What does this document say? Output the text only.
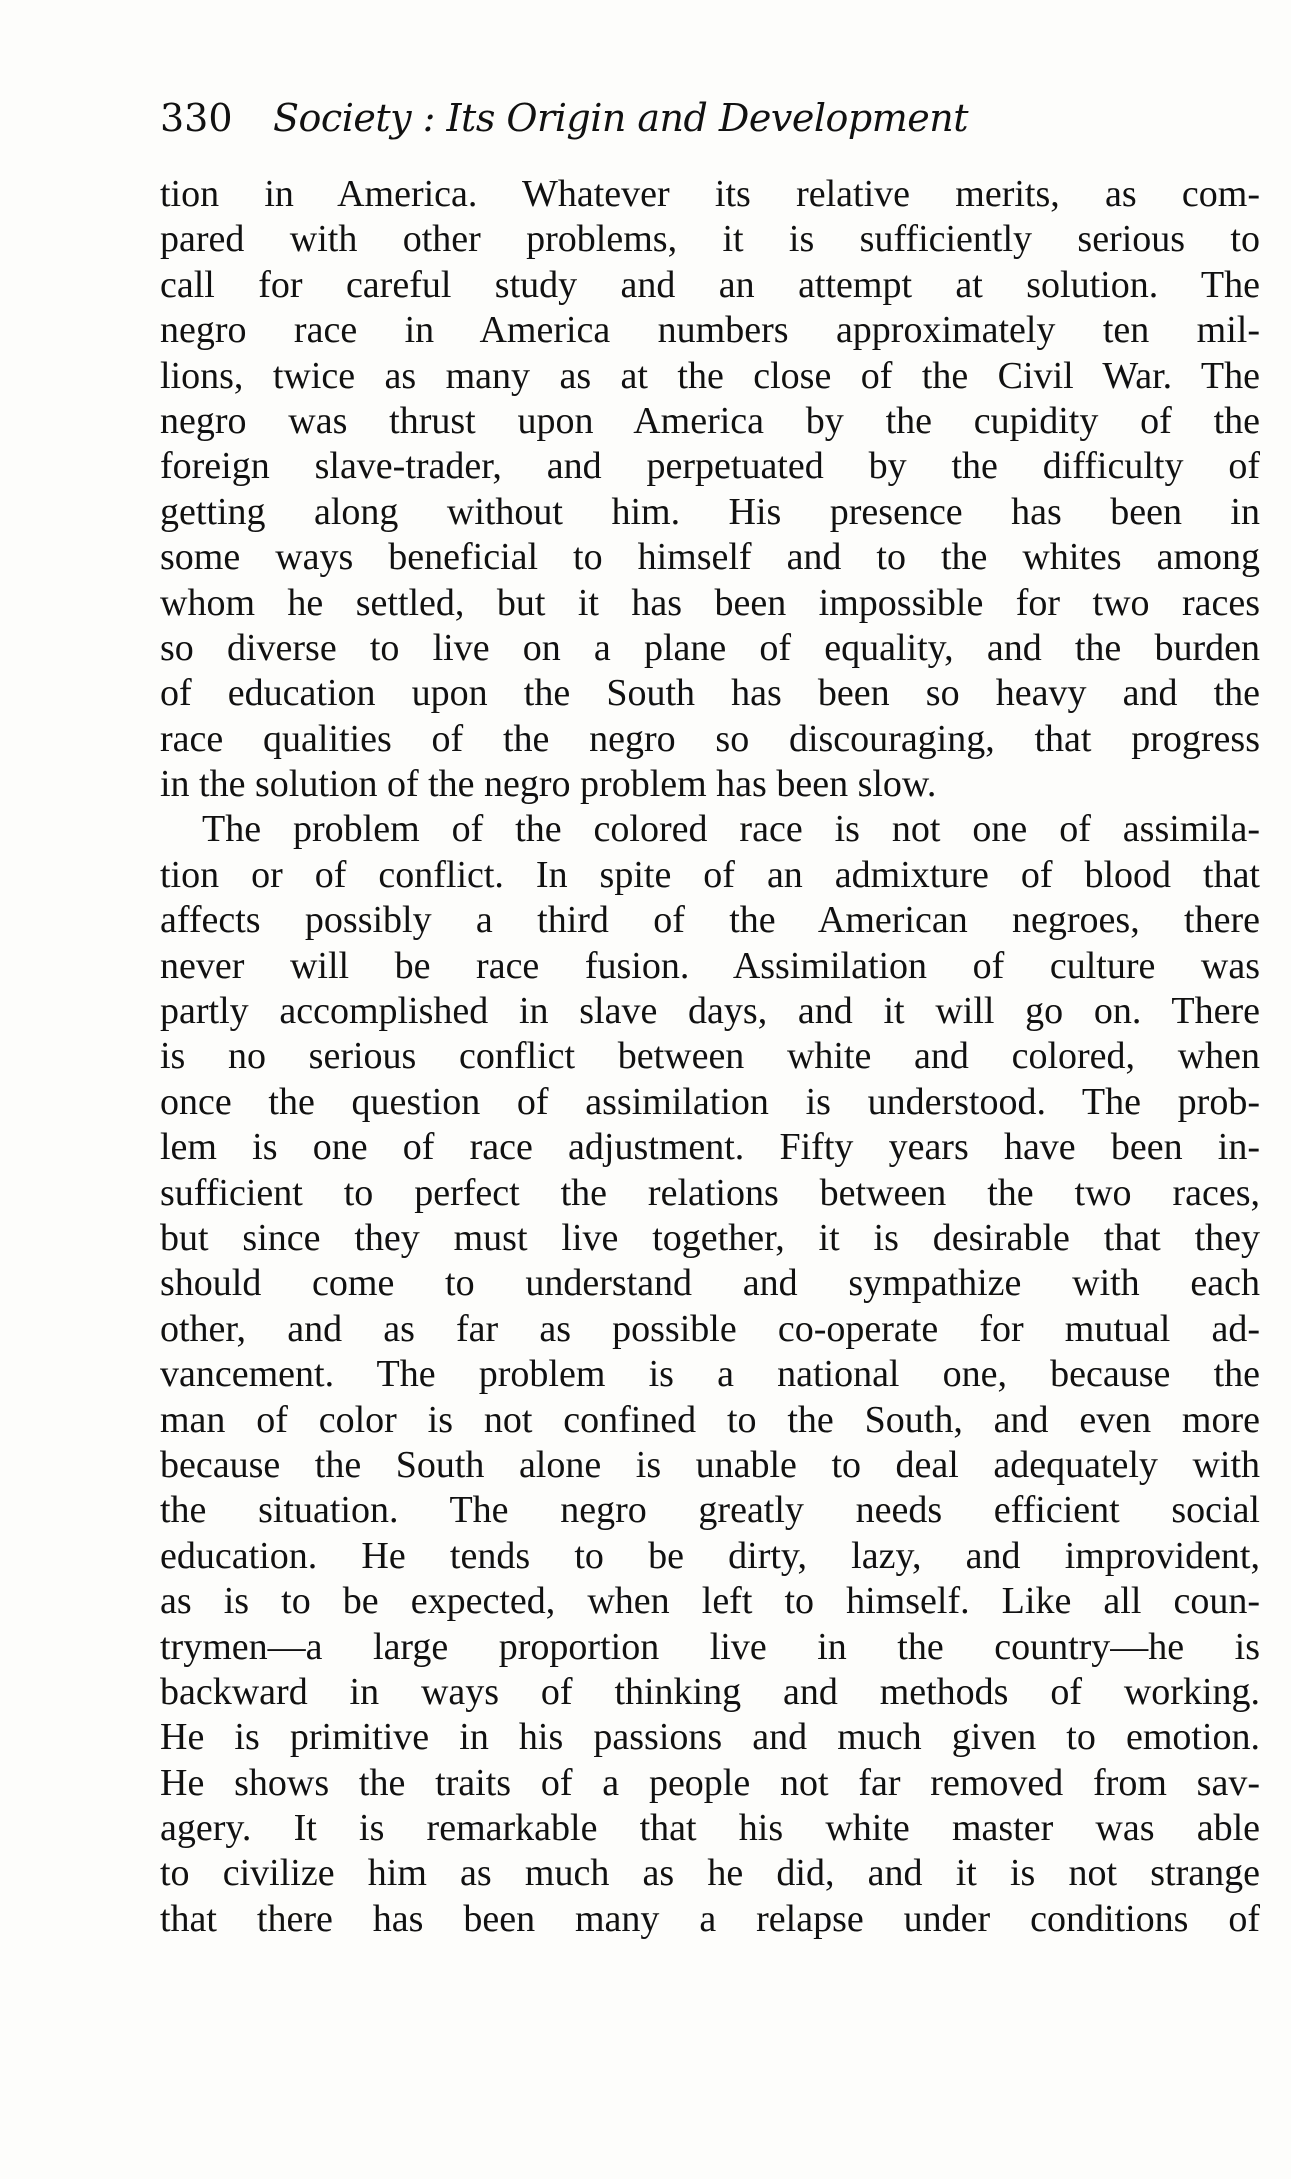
330 Society : Its Origin and Development
tion in America. Whatever its relative merits, as com-
pared with other problems, it is sufficiently serious to
call for careful study and an attempt at solution. The
negro race in America numbers approximately ten mil-
lions, twice as many as at the close of the Civil War. The
negro was thrust upon America by the cupidity of the
foreign slave-trader, and perpetuated by the difficulty of
getting along without him. His presence has been in
some ways beneficial to himself and to the whites among
whom he settled, but it has been impossible for two races
so diverse to live on a plane of equality, and the burden
of education upon the South has been so heavy and the
race qualities of the negro so discouraging, that progress
in the solution of the negro problem has been slow.
The problem of the colored race is not one of assimila-
tion or of conflict. In spite of an admixture of blood that
affects possibly a third of the American negroes, there
never will be race fusion. Assimilation of culture was
partly accomplished in slave days, and it will go on. There
is no serious conflict between white and colored, when
once the question of assimilation is understood. The prob-
lem is one of race adjustment. Fifty years have been in-
sufficient to perfect the relations between the two races,
but since they must live together, it is desirable that they
should come to understand and sympathize with each
other, and as far as possible co-operate for mutual ad-
vancement. The problem is a national one, because the
man of color is not confined to the South, and even more
because the South alone is unable to deal adequately with
the situation. The negro greatly needs efficient social
education. He tends to be dirty, lazy, and improvident,
as is to be expected, when left to himself. Like all coun-
trymen—a large proportion live in the country—he is
backward in ways of thinking and methods of working.
He is primitive in his passions and much given to emotion.
He shows the traits of a people not far removed from sav-
agery. It is remarkable that his white master was able
to civilize him as much as he did, and it is not strange
that there has been many a relapse under conditions of
